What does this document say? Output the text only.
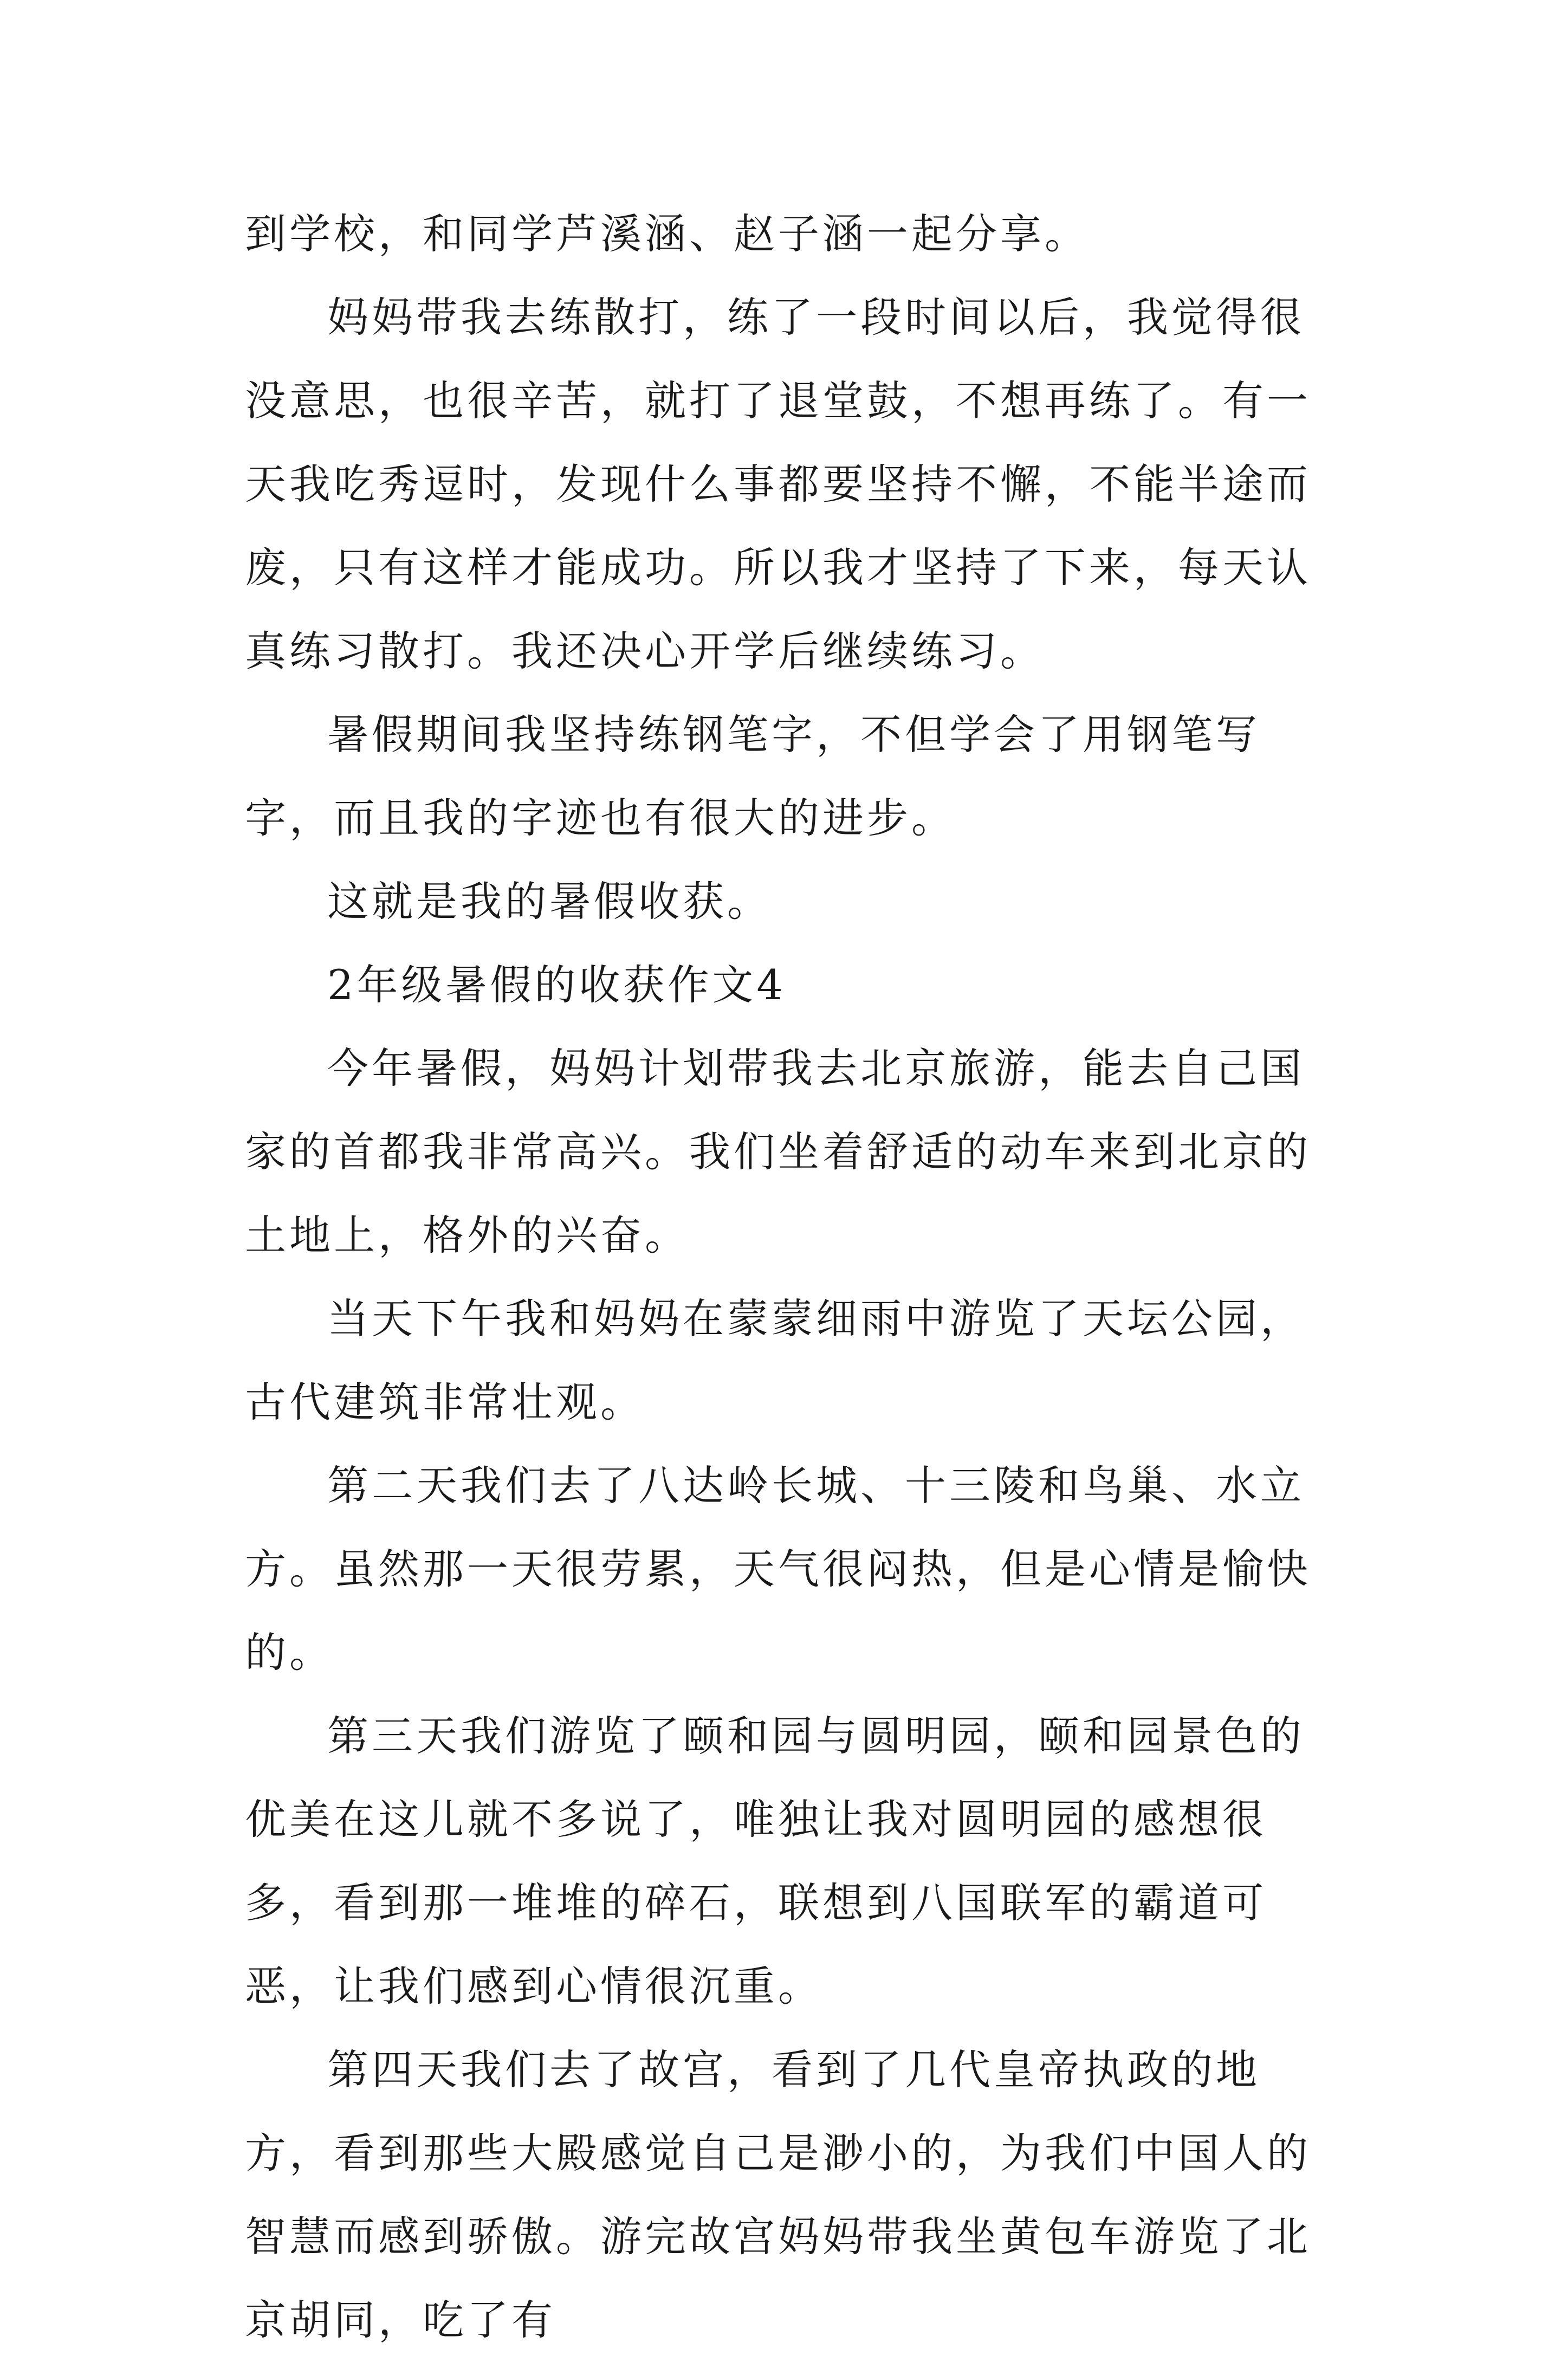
到学校，和同学芦溪涵、赵子涵一起分享。

妈妈带我去练散打，练了一段时间以后，我觉得很没意思，也很辛苦，就打了退堂鼓，不想再练了。有一天我吃秀逗时，发现什么事都要坚持不懈，不能半途而废，只有这样才能成功。所以我才坚持了下来，每天认真练习散打。我还决心开学后继续练习。

暑假期间我坚持练钢笔字，不但学会了用钢笔写字，而且我的字迹也有很大的进步。

这就是我的暑假收获。

2年级暑假的收获作文4

今年暑假，妈妈计划带我去北京旅游，能去自己国家的首都我非常高兴。我们坐着舒适的动车来到北京的土地上，格外的兴奋。

当天下午我和妈妈在蒙蒙细雨中游览了天坛公园，古代建筑非常壮观。

第二天我们去了八达岭长城、十三陵和鸟巢、水立方。虽然那一天很劳累，天气很闷热，但是心情是愉快的。

第三天我们游览了颐和园与圆明园，颐和园景色的优美在这儿就不多说了，唯独让我对圆明园的感想很多，看到那一堆堆的碎石，联想到八国联军的霸道可恶，让我们感到心情很沉重。

第四天我们去了故宫，看到了几代皇帝执政的地方，看到那些大殿感觉自己是渺小的，为我们中国人的智慧而感到骄傲。游完故宫妈妈带我坐黄包车游览了北京胡同，吃了有
